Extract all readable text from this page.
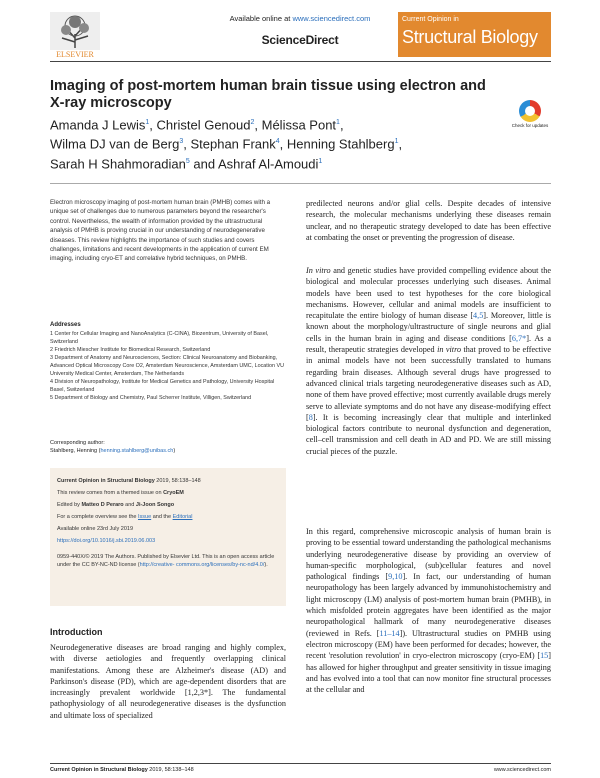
ELSEVIER
Available online at www.sciencedirect.com
ScienceDirect
Current Opinion in
Structural Biology
Imaging of post-mortem human brain tissue using electron and X-ray microscopy
Amanda J Lewis$^1$, Christel Genoud$^2$, Mélissa Pont$^1$,
Wilma DJ van de Berg$^3$, Stephan Frank$^4$, Henning Stahlberg$^1$,
Sarah H Shahmoradian$^5$ and Ashraf Al-Amoudi$^1$
Check for updates
Electron microscopy imaging of post-mortem human brain (PMHB) comes with a unique set of challenges due to numerous parameters beyond the researcher's control. Nevertheless, the wealth of information provided by the ultrastructural analysis of PMHB is proving crucial in our understanding of neurodegenerative diseases. This review highlights the importance of such studies and covers challenges, limitations and recent developments in the application of current EM imaging, including cryo-ET and correlative hybrid techniques, on PMHB.
Addresses
1 Center for Cellular Imaging and NanoAnalytics (C-CINA), Biozentrum, University of Basel, Switzerland
2 Friedrich Miescher Institute for Biomedical Research, Switzerland
3 Department of Anatomy and Neurosciences, Section: Clinical Neuroanatomy and Biobanking, Advanced Optical Microscopy Core O2, Amsterdam Neuroscience, Amsterdam UMC, Location VU University Medical Center, Amsterdam, The Netherlands
4 Division of Neuropathology, Institute for Medical Genetics and Pathology, University Hospital Basel, Switzerland
5 Department of Biology and Chemistry, Paul Scherrer Institute, Villigen, Switzerland
Corresponding author:
Stahlberg, Henning (henning.stahlberg@unibas.ch)
Current Opinion in Structural Biology 2019, 58:138–148
This review comes from a themed issue on CryoEM
Edited by Matteo D Peraro and Ji-Joon Songo
For a complete overview see the Issue and the Editorial
Available online 23rd July 2019
https://doi.org/10.1016/j.sbi.2019.06.003
0959-440X/© 2019 The Authors. Published by Elsevier Ltd. This is an open access article under the CC BY-NC-ND license (http://creative- commons.org/licenses/by-nc-nd/4.0/).
Introduction
Neurodegenerative diseases are broad ranging and highly complex, with diverse aetiologies and frequently overlapping clinical manifestations. Among these are Alzheimer's disease (AD) and Parkinson's disease (PD), which are age-dependent disorders that are increasingly prevalent worldwide [1,2,3*]. The fundamental pathophysiology of all neurodegenerative diseases is the dysfunction and ultimate loss of specialized
predilected neurons and/or glial cells. Despite decades of intensive research, the molecular mechanisms underlying these diseases remain unclear, and no therapeutic strategy developed to date has been effective at combating the onset or preventing the progression of disease.
In vitro and genetic studies have provided compelling evidence about the biological and molecular processes underlying such diseases. Animal models have been used to test hypotheses for the core biological mechanisms. However, cellular and animal models are insufficient to recapitulate the entire biology of human disease [4,5]. Moreover, little is known about the morphology/ultrastructure of single neurons and glial cells in the human brain in aging and disease conditions [6,7*]. As a result, therapeutic strategies developed in vitro that proved to be effective in animal models have not been successfully translated to humans regarding brain diseases. Although several drugs have progressed to advanced clinical trials targeting neurodegenerative diseases such as AD, none of them have proved effective; most currently available drugs merely serve to alleviate symptoms and do not have any disease-modifying effect [8]. It is becoming increasingly clear that multiple and interlinked biological factors contribute to neuronal dysfunction and degeneration, cell–cell transmission and cell death in AD and PD. We are still missing crucial pieces of the puzzle.
In this regard, comprehensive microscopic analysis of human brain is proving to be essential toward understanding the pathological mechanisms underlying neurodegenerative disease by providing an overview of human-specific morphological, (sub)cellular features and novel pathological findings [9,10]. In fact, our understanding of human neuropathology has been largely advanced by immunohistochemistry and light microscopy (LM) analysis of post-mortem human brain (PMHB), in which misfolded protein aggregates have been identified as the major neuropathological hallmark of many neurodegenerative diseases (reviewed in Refs. [11–14]). Ultrastructural studies on PMHB using electron microscopy (EM) have been performed for decades; however, the recent 'resolution revolution' in cryo-electron microscopy (cryo-EM) [15] has allowed for higher throughput and greater sensitivity in tissue imaging and has evolved into a tool that can now monitor fine structural processes at the cellular and
Current Opinion in Structural Biology 2019, 58:138–148	www.sciencedirect.com
